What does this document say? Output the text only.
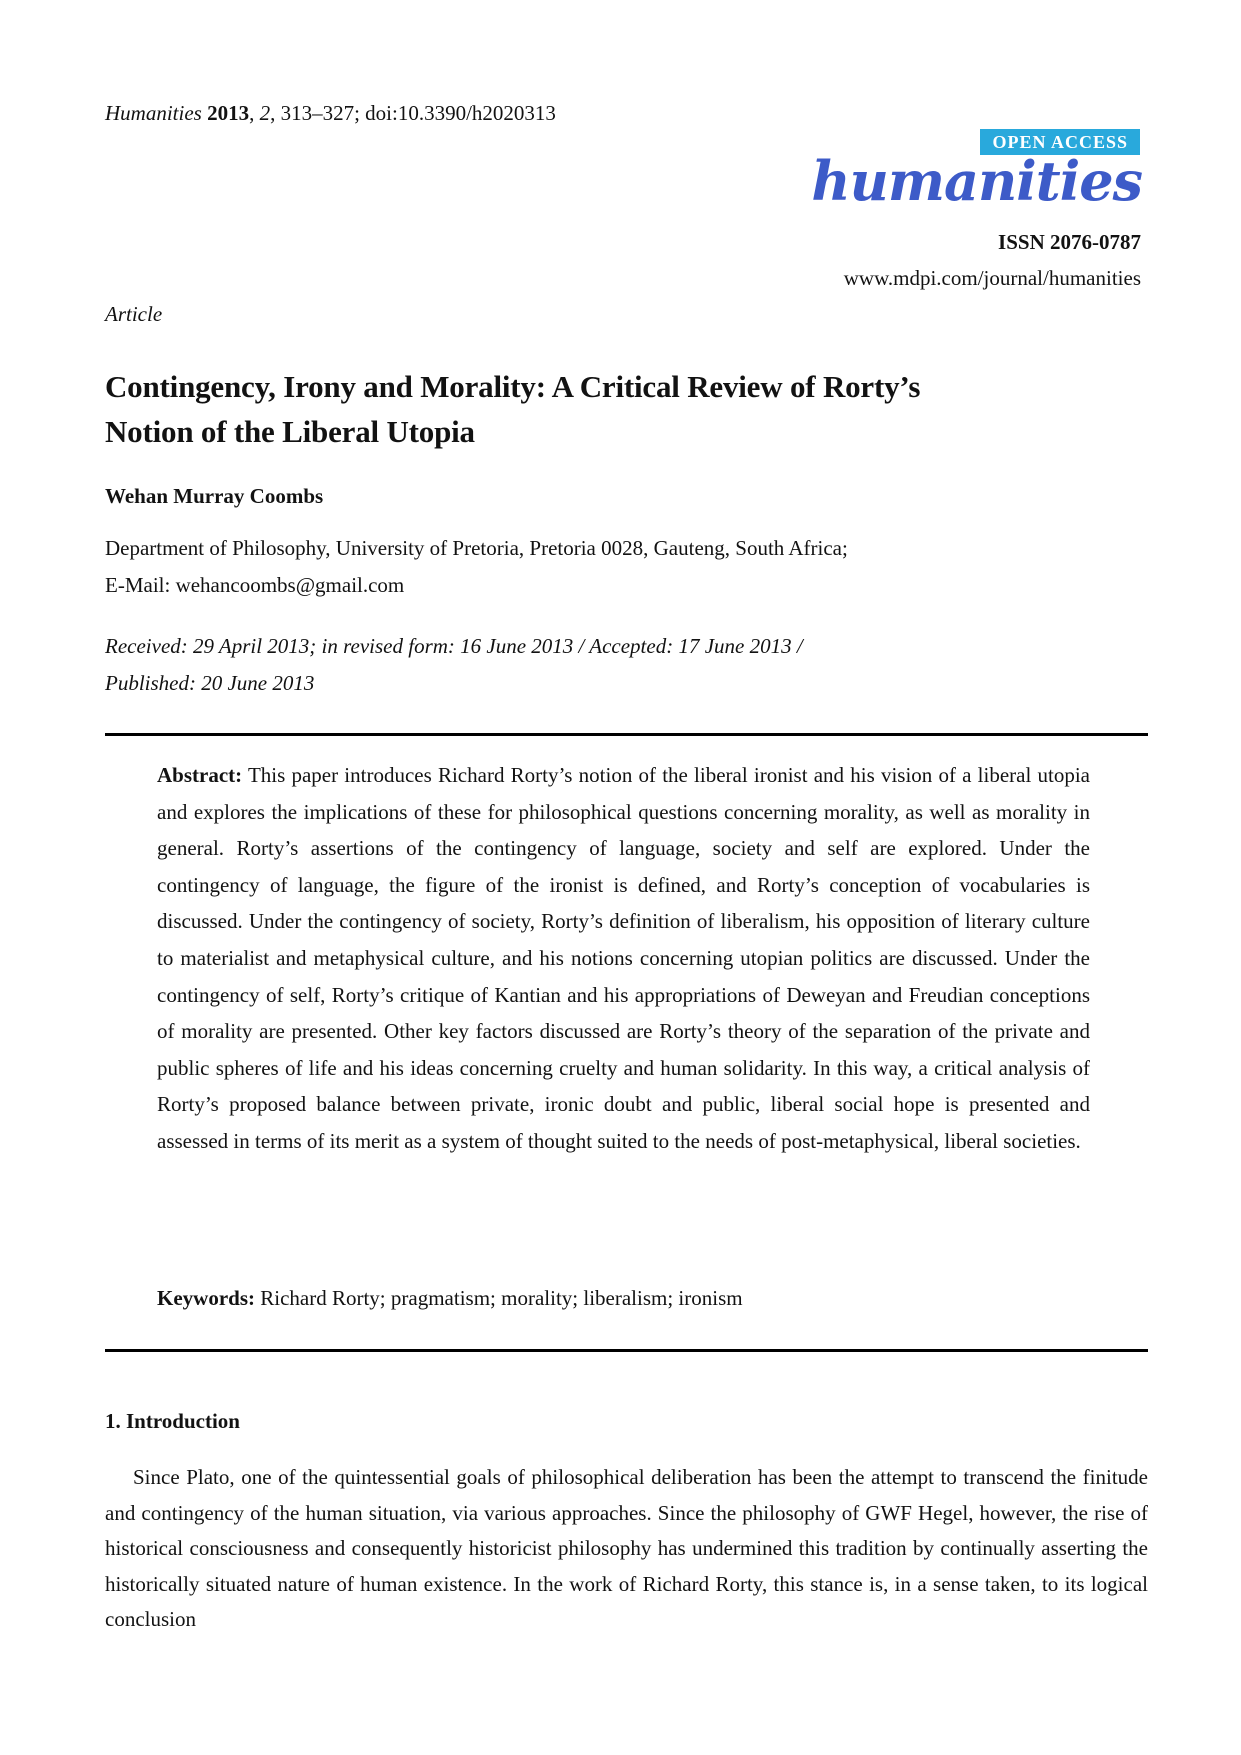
Humanities 2013, 2, 313–327; doi:10.3390/h2020313
OPEN ACCESS
humanities
ISSN 2076-0787
www.mdpi.com/journal/humanities
Article
Contingency, Irony and Morality: A Critical Review of Rorty’s
Notion of the Liberal Utopia
Wehan Murray Coombs
Department of Philosophy, University of Pretoria, Pretoria 0028, Gauteng, South Africa;
E-Mail: wehancoombs@gmail.com
Received: 29 April 2013; in revised form: 16 June 2013 / Accepted: 17 June 2013 /
Published: 20 June 2013
Abstract: This paper introduces Richard Rorty’s notion of the liberal ironist and his vision of a liberal utopia and explores the implications of these for philosophical questions concerning morality, as well as morality in general. Rorty’s assertions of the contingency of language, society and self are explored. Under the contingency of language, the figure of the ironist is defined, and Rorty’s conception of vocabularies is discussed. Under the contingency of society, Rorty’s definition of liberalism, his opposition of literary culture to materialist and metaphysical culture, and his notions concerning utopian politics are discussed. Under the contingency of self, Rorty’s critique of Kantian and his appropriations of Deweyan and Freudian conceptions of morality are presented. Other key factors discussed are Rorty’s theory of the separation of the private and public spheres of life and his ideas concerning cruelty and human solidarity. In this way, a critical analysis of Rorty’s proposed balance between private, ironic doubt and public, liberal social hope is presented and assessed in terms of its merit as a system of thought suited to the needs of post-metaphysical, liberal societies.
Keywords: Richard Rorty; pragmatism; morality; liberalism; ironism
1. Introduction
Since Plato, one of the quintessential goals of philosophical deliberation has been the attempt to transcend the finitude and contingency of the human situation, via various approaches. Since the philosophy of GWF Hegel, however, the rise of historical consciousness and consequently historicist philosophy has undermined this tradition by continually asserting the historically situated nature of human existence. In the work of Richard Rorty, this stance is, in a sense taken, to its logical conclusion
